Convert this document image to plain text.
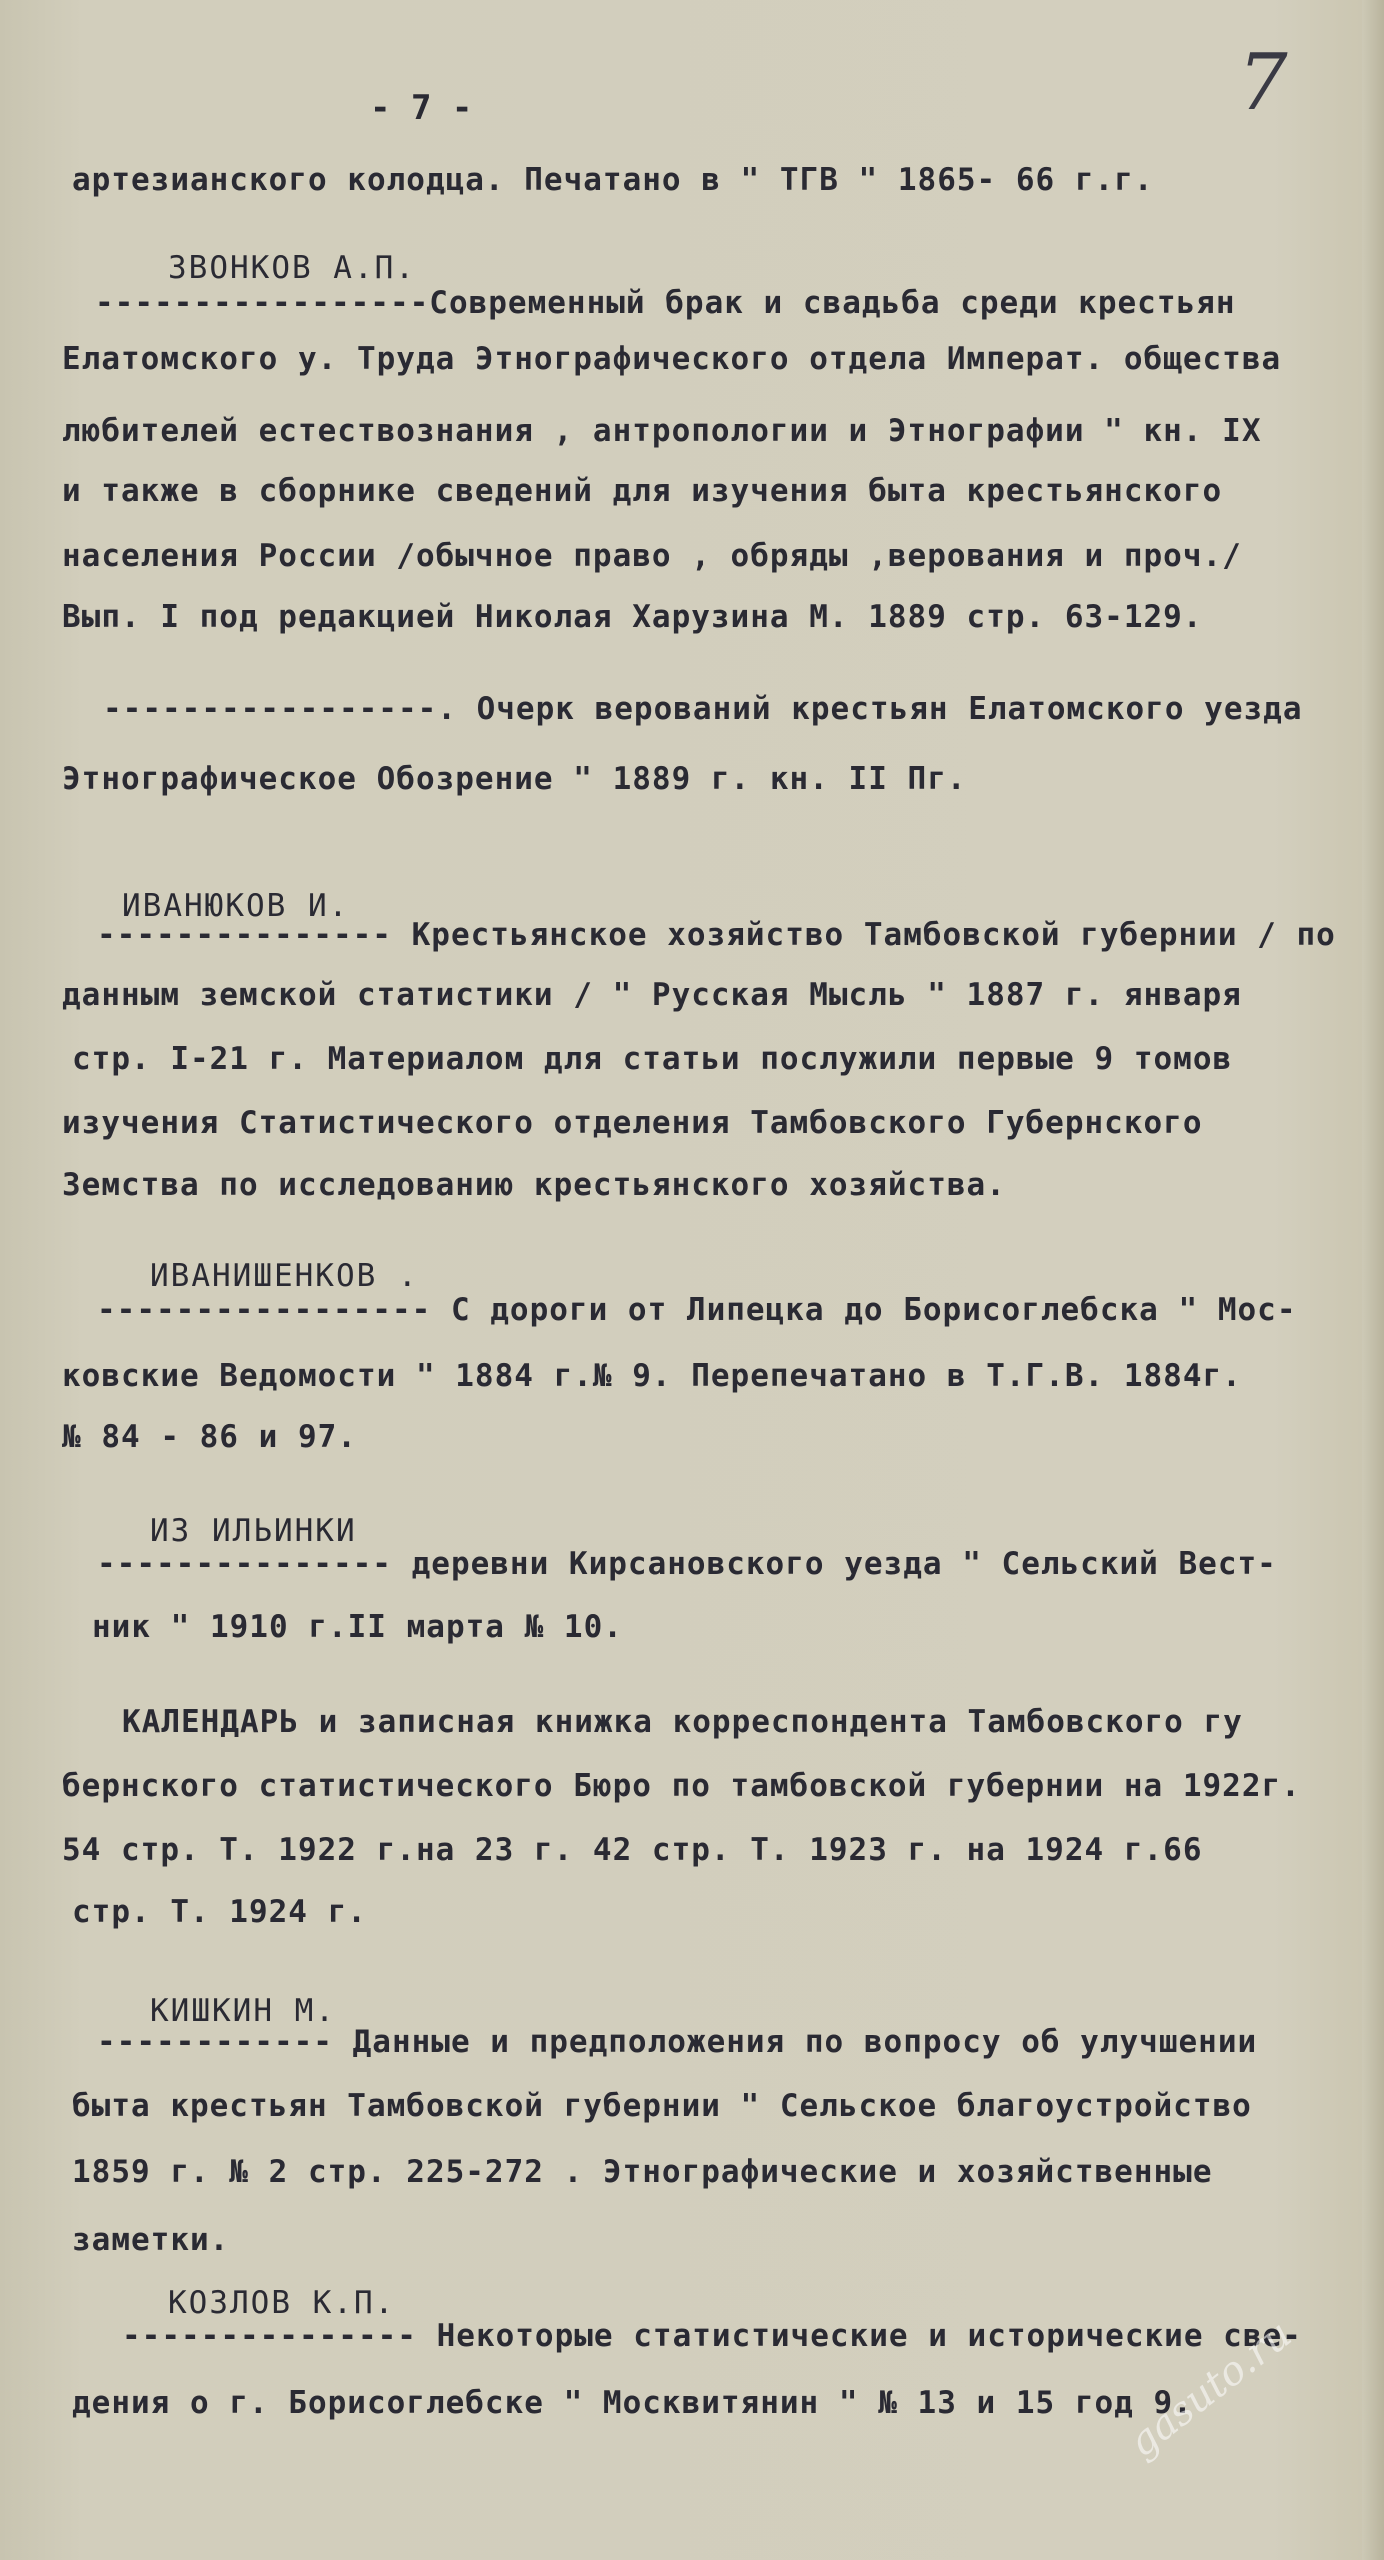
- 7 -	7
артезианского колодца. Печатано в " ТГВ " 1865- 66 г.г.
ЗВОНКОВ А.П.
-----------------Современный брак и свадьба среди крестьян
Елатомского у. Труда Этнографического отдела Императ. общества
любителей естествознания , антропологии и Этнографии " кн. IX
и также в сборнике сведений для изучения быта крестьянского
населения России /обычное право , обряды ,верования и проч./
Вып. I под редакцией Николая Харузина М. 1889 стр. 63-129.
-----------------. Очерк верований крестьян Елатомского уезда
Этнографическое Обозрение " 1889 г. кн. II Пг.
ИВАНЮКОВ И.
--------------- Крестьянское хозяйство Тамбовской губернии / по
данным земской статистики / " Русская Мысль " 1887 г. января
стр. I-21 г. Материалом для статьи послужили первые 9 томов
изучения Статистического отделения Тамбовского Губернского
Земства по исследованию крестьянского хозяйства.
ИВАНИШЕНКОВ .
----------------- С дороги от Липецка до Борисоглебска " Мос-
ковские Ведомости " 1884 г.№ 9. Перепечатано в Т.Г.В. 1884г.
№ 84 - 86 и 97.
ИЗ ИЛЬИНКИ
--------------- деревни Кирсановского уезда " Сельский Вест-
ник " 1910 г.II марта № 10.
КАЛЕНДАРЬ и записная книжка корреспондента Тамбовского гу
бернского статистического Бюро по тамбовской губернии на 1922г.
54 стр. Т. 1922 г.на 23 г. 42 стр. Т. 1923 г. на 1924 г.66
стр. Т. 1924 г.
КИШКИН М.
------------ Данные и предположения по вопросу об улучшении
быта крестьян Тамбовской губернии " Сельское благоустройство
1859 г. № 2 стр. 225-272 . Этнографические и хозяйственные
заметки.
КОЗЛОВ К.П.
--------------- Некоторые статистические и исторические све-
дения о г. Борисоглебске " Москвитянин " № 13 и 15 год 9.
gasuto.ru
